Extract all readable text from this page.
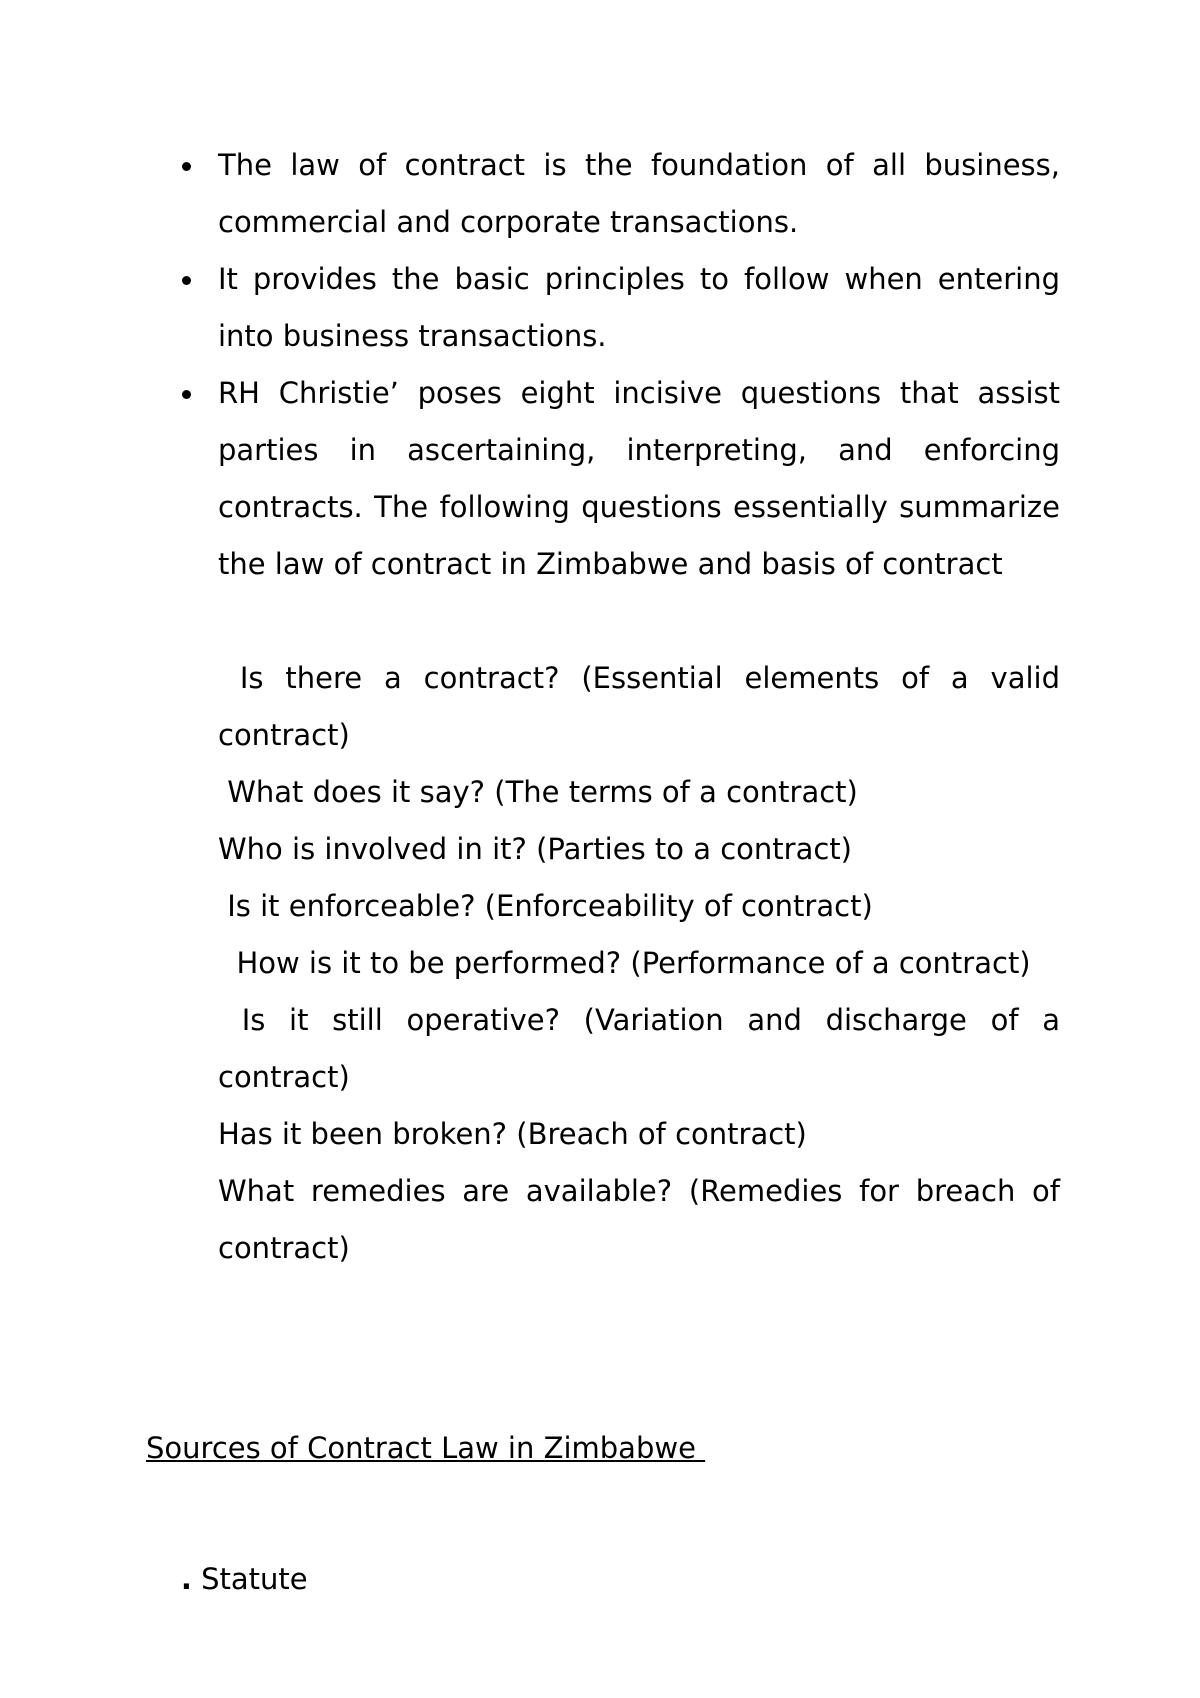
The law of contract is the foundation of all business, commercial and corporate transactions.
It provides the basic principles to follow when entering into business transactions.
RH Christie’ poses eight incisive questions that assist parties in ascertaining, interpreting, and enforcing contracts. The following questions essentially summarize the law of contract in Zimbabwe and basis of contract
Is there a contract? (Essential elements of a valid contract)
What does it say? (The terms of a contract)
Who is involved in it? (Parties to a contract)
Is it enforceable? (Enforceability of contract)
How is it to be performed? (Performance of a contract)
Is it still operative? (Variation and discharge of a contract)
Has it been broken? (Breach of contract)
What remedies are available? (Remedies for breach of contract)
Sources of Contract Law in Zimbabwe

. Statute
